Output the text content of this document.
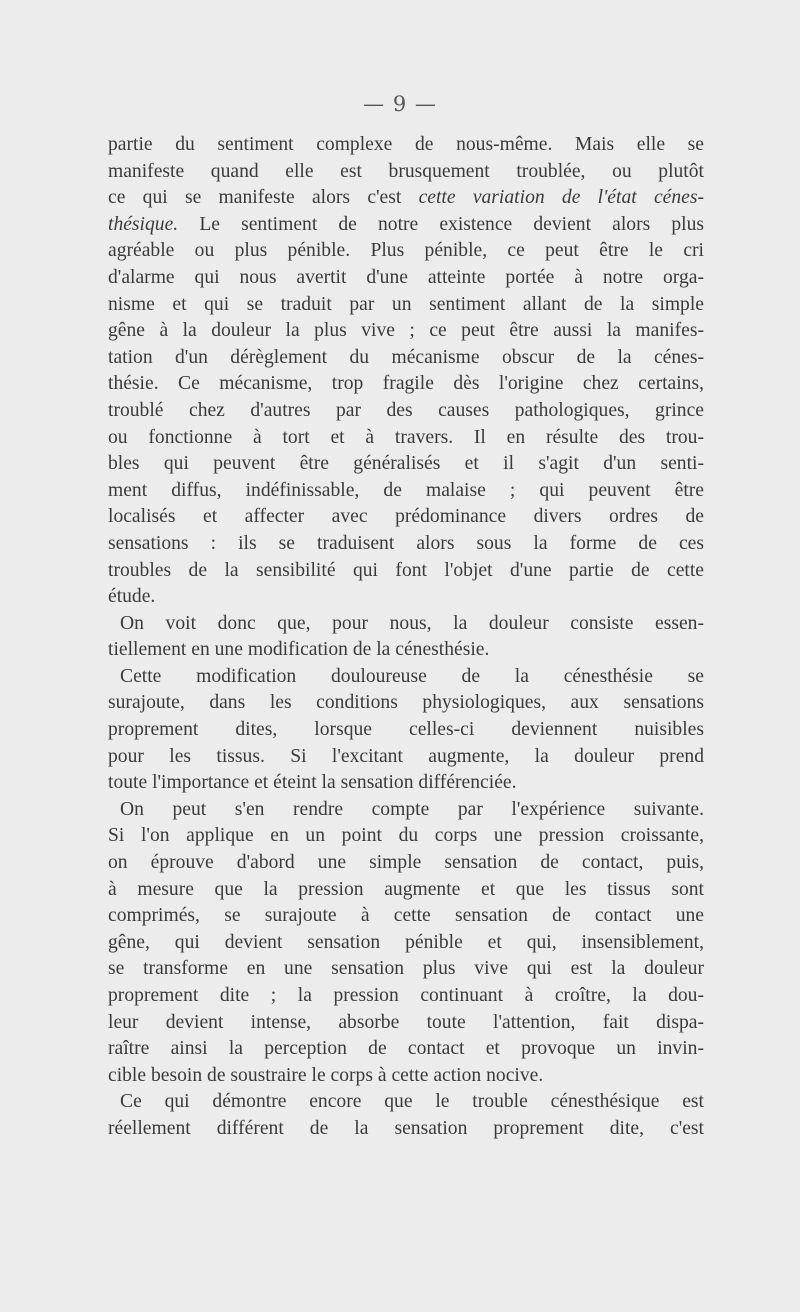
— 9 —
partie du sentiment complexe de nous-même. Mais elle se
manifeste quand elle est brusquement troublée, ou plutôt
ce qui se manifeste alors c'est cette variation de l'état cénes-
thésique. Le sentiment de notre existence devient alors plus
agréable ou plus pénible. Plus pénible, ce peut être le cri
d'alarme qui nous avertit d'une atteinte portée à notre orga-
nisme et qui se traduit par un sentiment allant de la simple
gêne à la douleur la plus vive ; ce peut être aussi la manifes-
tation d'un dérèglement du mécanisme obscur de la cénes-
thésie. Ce mécanisme, trop fragile dès l'origine chez certains,
troublé chez d'autres par des causes pathologiques, grince
ou fonctionne à tort et à travers. Il en résulte des trou-
bles qui peuvent être généralisés et il s'agit d'un senti-
ment diffus, indéfinissable, de malaise ; qui peuvent être
localisés et affecter avec prédominance divers ordres de
sensations : ils se traduisent alors sous la forme de ces
troubles de la sensibilité qui font l'objet d'une partie de cette
étude.
On voit donc que, pour nous, la douleur consiste essen-
tiellement en une modification de la cénesthésie.
Cette modification douloureuse de la cénesthésie se
surajoute, dans les conditions physiologiques, aux sensations
proprement dites, lorsque celles-ci deviennent nuisibles
pour les tissus. Si l'excitant augmente, la douleur prend
toute l'importance et éteint la sensation différenciée.
On peut s'en rendre compte par l'expérience suivante.
Si l'on applique en un point du corps une pression croissante,
on éprouve d'abord une simple sensation de contact, puis,
à mesure que la pression augmente et que les tissus sont
comprimés, se surajoute à cette sensation de contact une
gêne, qui devient sensation pénible et qui, insensiblement,
se transforme en une sensation plus vive qui est la douleur
proprement dite ; la pression continuant à croître, la dou-
leur devient intense, absorbe toute l'attention, fait dispa-
raître ainsi la perception de contact et provoque un invin-
cible besoin de soustraire le corps à cette action nocive.
Ce qui démontre encore que le trouble cénesthésique est
réellement différent de la sensation proprement dite, c'est
